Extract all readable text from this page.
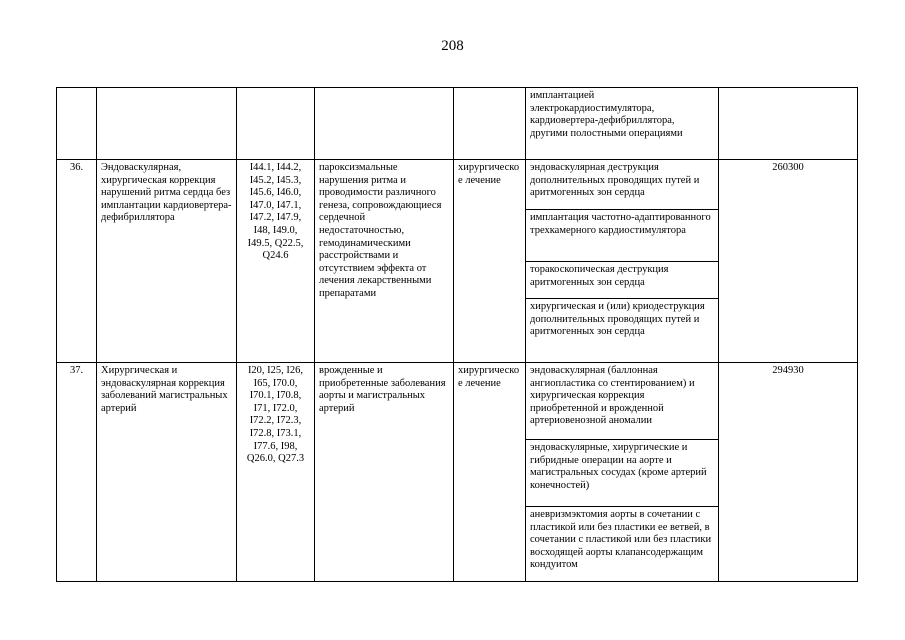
208
					имплантацией электрокардиостимулятора, кардиовертера-дефибриллятора, другими полостными операциями	
36.	Эндоваскулярная, хирургическая коррекция нарушений ритма сердца без имплантации кардиовертера-дефибриллятора	I44.1, I44.2, I45.2, I45.3, I45.6, I46.0, I47.0, I47.1, I47.2, I47.9, I48, I49.0, I49.5, Q22.5, Q24.6	пароксизмальные нарушения ритма и проводимости различного генеза, сопровождающиеся сердечной недостаточностью, гемодинамическими расстройствами и отсутствием эффекта от лечения лекарственными препаратами	хирургическое лечение	эндоваскулярная деструкция дополнительных проводящих путей и аритмогенных зон сердца	260300
					имплантация частотно-адаптированного трехкамерного кардиостимулятора	
					торакоскопическая деструкция аритмогенных зон сердца	
					хирургическая и (или) криодеструкция дополнительных проводящих путей и аритмогенных зон сердца	
37.	Хирургическая и эндоваскулярная коррекция заболеваний магистральных артерий	I20, I25, I26, I65, I70.0, I70.1, I70.8, I71, I72.0, I72.2, I72.3, I72.8, I73.1, I77.6, I98, Q26.0, Q27.3	врожденные и приобретенные заболевания аорты и магистральных артерий	хирургическое лечение	эндоваскулярная (баллонная ангиопластика со стентированием) и хирургическая коррекция приобретенной и врожденной артериовенозной аномалии	294930
					эндоваскулярные, хирургические и гибридные операции на аорте и магистральных сосудах (кроме артерий конечностей)	
					аневризмэктомия аорты в сочетании с пластикой или без пластики ее ветвей, в сочетании с пластикой или без пластики восходящей аорты клапансодержащим кондуитом	
